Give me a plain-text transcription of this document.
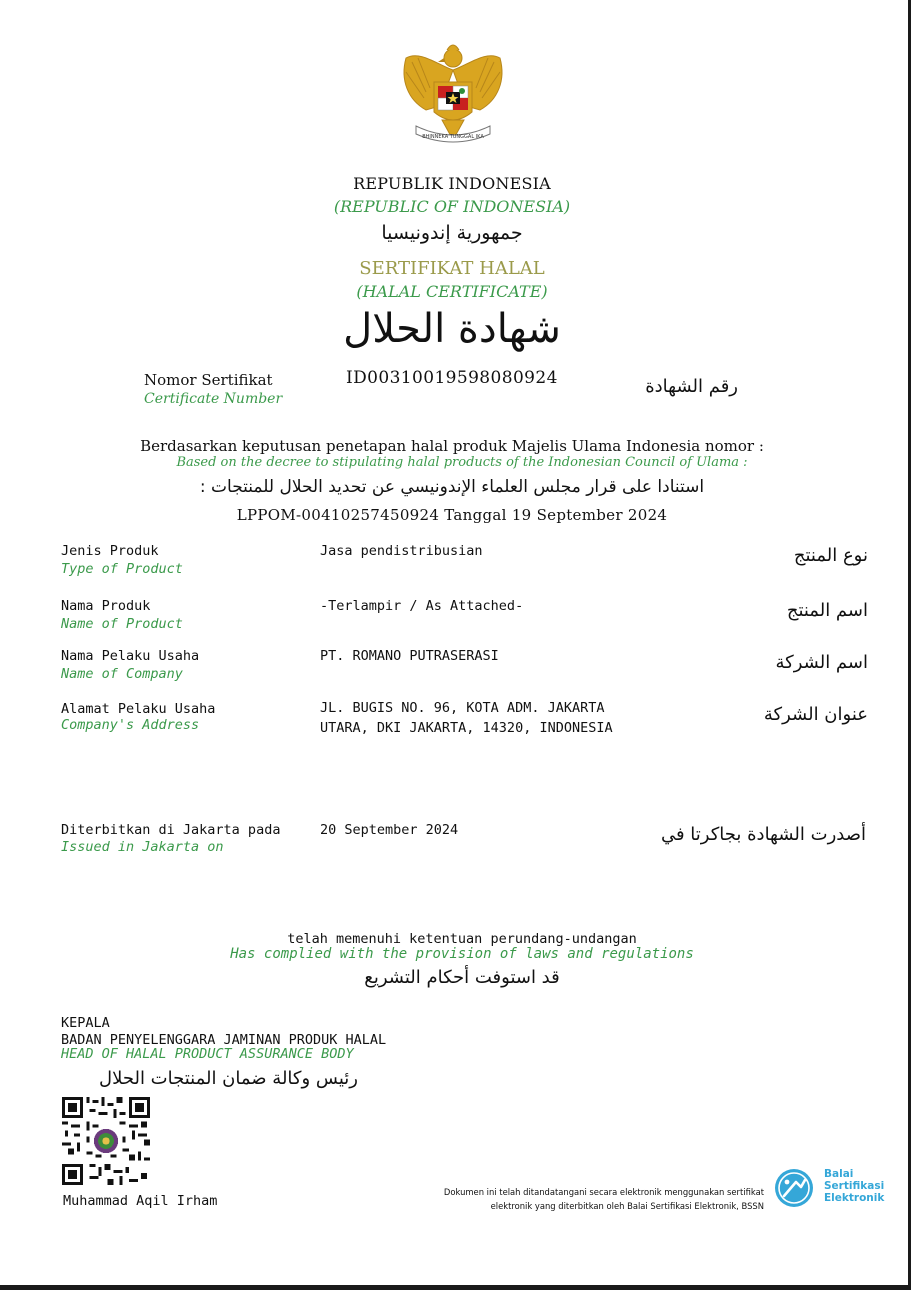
BHINNEKA TUNGGAL IKA
REPUBLIK INDONESIA
(REPUBLIC OF INDONESIA)
جمهورية إندونيسيا
SERTIFIKAT HALAL
(HALAL CERTIFICATE)
شهادة الحلال
Nomor Sertifikat
Certificate Number
ID00310019598080924	رقم الشهادة
Berdasarkan keputusan penetapan halal produk Majelis Ulama Indonesia nomor :
Based on the decree to stipulating halal products of the Indonesian Council of Ulama :
استنادا على قرار مجلس العلماء الإندونيسي عن تحديد الحلال للمنتجات :
LPPOM-00410257450924 Tanggal 19 September 2024
Jenis Produk
Type of Product
Jasa pendistribusian	نوع المنتج
Nama Produk
Name of Product
-Terlampir / As Attached-	اسم المنتج
Nama Pelaku Usaha
Name of Company
PT. ROMANO PUTRASERASI	اسم الشركة
Alamat Pelaku Usaha
Company's Address
JL. BUGIS NO. 96, KOTA ADM. JAKARTA
UTARA, DKI JAKARTA, 14320, INDONESIA
عنوان الشركة
Diterbitkan di Jakarta pada
Issued in Jakarta on
20 September 2024	أصدرت الشهادة بجاكرتا في
telah memenuhi ketentuan perundang-undangan
Has complied with the provision of laws and regulations
قد استوفت أحكام التشريع
KEPALA
BADAN PENYELENGGARA JAMINAN PRODUK HALAL
HEAD OF HALAL PRODUCT ASSURANCE BODY
رئيس وكالة ضمان المنتجات الحلال
Muhammad Aqil Irham
Dokumen ini telah ditandatangani secara elektronik menggunakan sertifikat
elektronik yang diterbitkan oleh Balai Sertifikasi Elektronik, BSSN
Balai
Sertifikasi
Elektronik
